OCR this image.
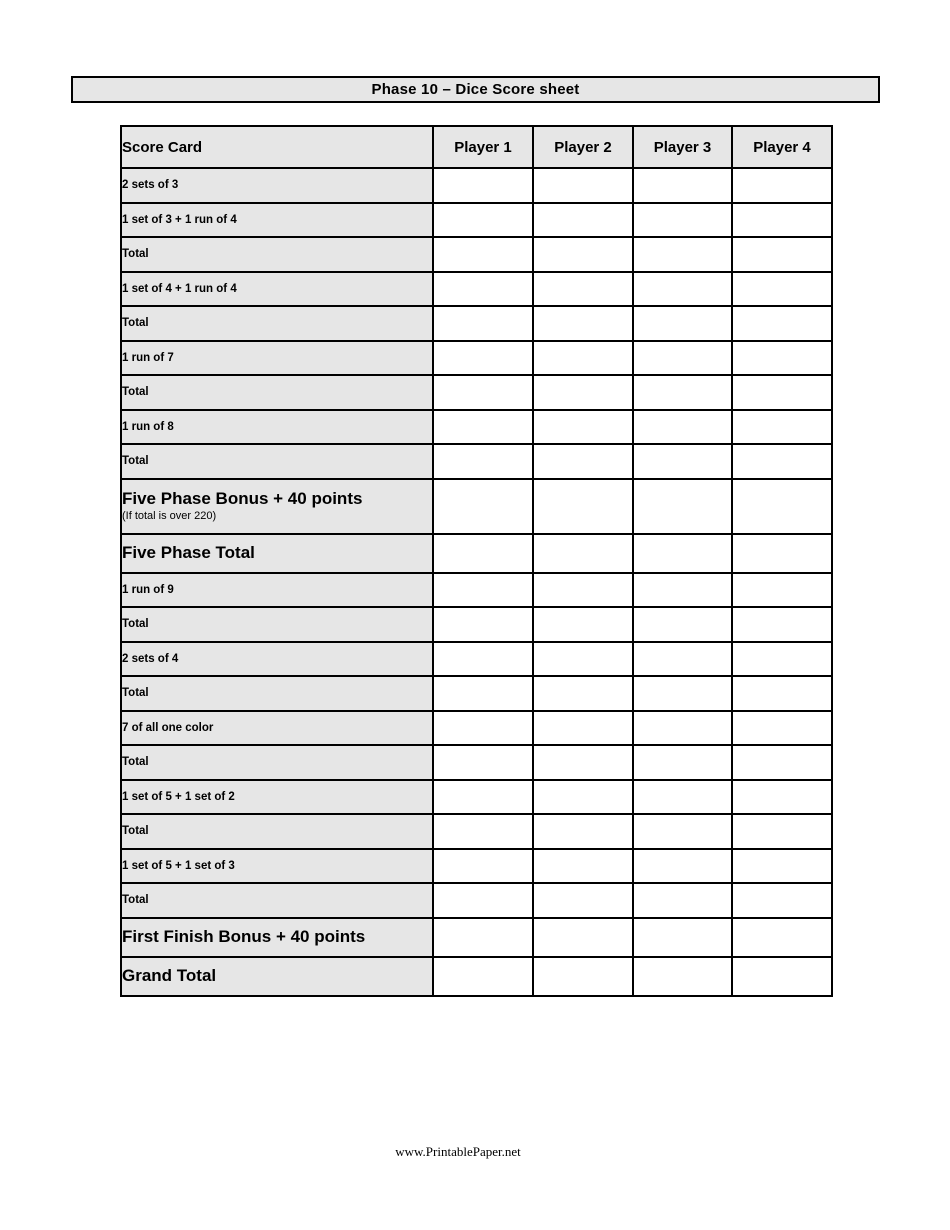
Phase 10 – Dice Score sheet
Score Card	Player 1	Player 2	Player 3	Player 4
2 sets of 3				
1 set of 3 + 1 run of 4				
Total				
1 set of 4 + 1 run of 4				
Total				
1 run of 7				
Total				
1 run of 8				
Total				
Five Phase Bonus + 40 points
(If total is over 220)				

Five Phase Total				
1 run of 9				
Total				
2 sets of 4				
Total				
7 of all one color				
Total				
1 set of 5 + 1 set of 2				
Total				
1 set of 5 + 1 set of 3				
Total				
First Finish Bonus + 40 points				
Grand Total				
www.PrintablePaper.net
